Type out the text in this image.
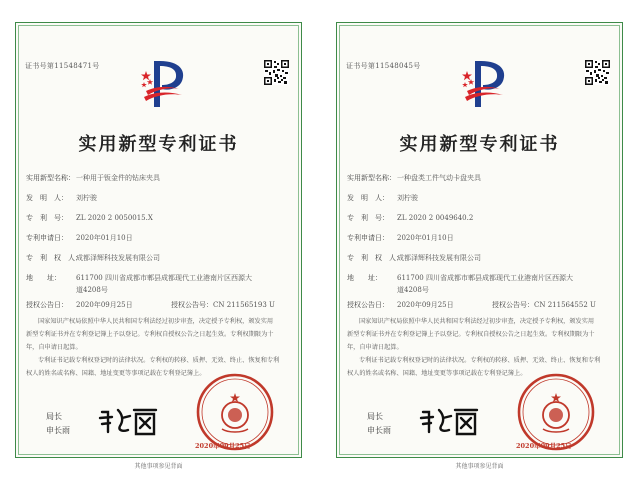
证书号第11548471号
实用新型专利证书
实用新型名称：一种用于钣金件的钻床夹具
发　明　人： 刘柠骏
专　利　号： ZL 2020 2 0050015.X
专利申请日： 2020年01月10日
专　利　权　人：成都泽辉科技发展有限公司
地　　址： 611700 四川省成都市郫县成都现代工业港南片区西源大
道4208号
授权公告日： 2020年09月25日	授权公告号：CN 211565193 U
国家知识产权局依照中华人民共和国专利法经过初步审查，决定授予专利权，颁发实用
新型专利证书并在专利登记簿上予以登记。专利权自授权公告之日起生效。专利权期限为十
年，自申请日起算。
专利证书记载专利权登记时的法律状况。专利权的转移、质押、无效、终止、恢复和专利
权人的姓名或名称、国籍、地址变更等事项记载在专利登记簿上。
局长
申长雨
2020年09月25日
其他事项参见背面
证书号第11548045号
实用新型专利证书
实用新型名称：一种盘类工件气动卡盘夹具
发　明　人： 刘柠骏
专　利　号： ZL 2020 2 0049640.2
专利申请日： 2020年01月10日
专　利　权　人：成都泽辉科技发展有限公司
地　　址： 611700 四川省成都市郫县成都现代工业港南片区西源大
道4208号
授权公告日： 2020年09月25日	授权公告号：CN 211564552 U
国家知识产权局依照中华人民共和国专利法经过初步审查，决定授予专利权，颁发实用
新型专利证书并在专利登记簿上予以登记。专利权自授权公告之日起生效。专利权期限为十
年，自申请日起算。
专利证书记载专利权登记时的法律状况。专利权的转移、质押、无效、终止、恢复和专利
权人的姓名或名称、国籍、地址变更等事项记载在专利登记簿上。
局长
申长雨
2020年09月25日
其他事项参见背面
